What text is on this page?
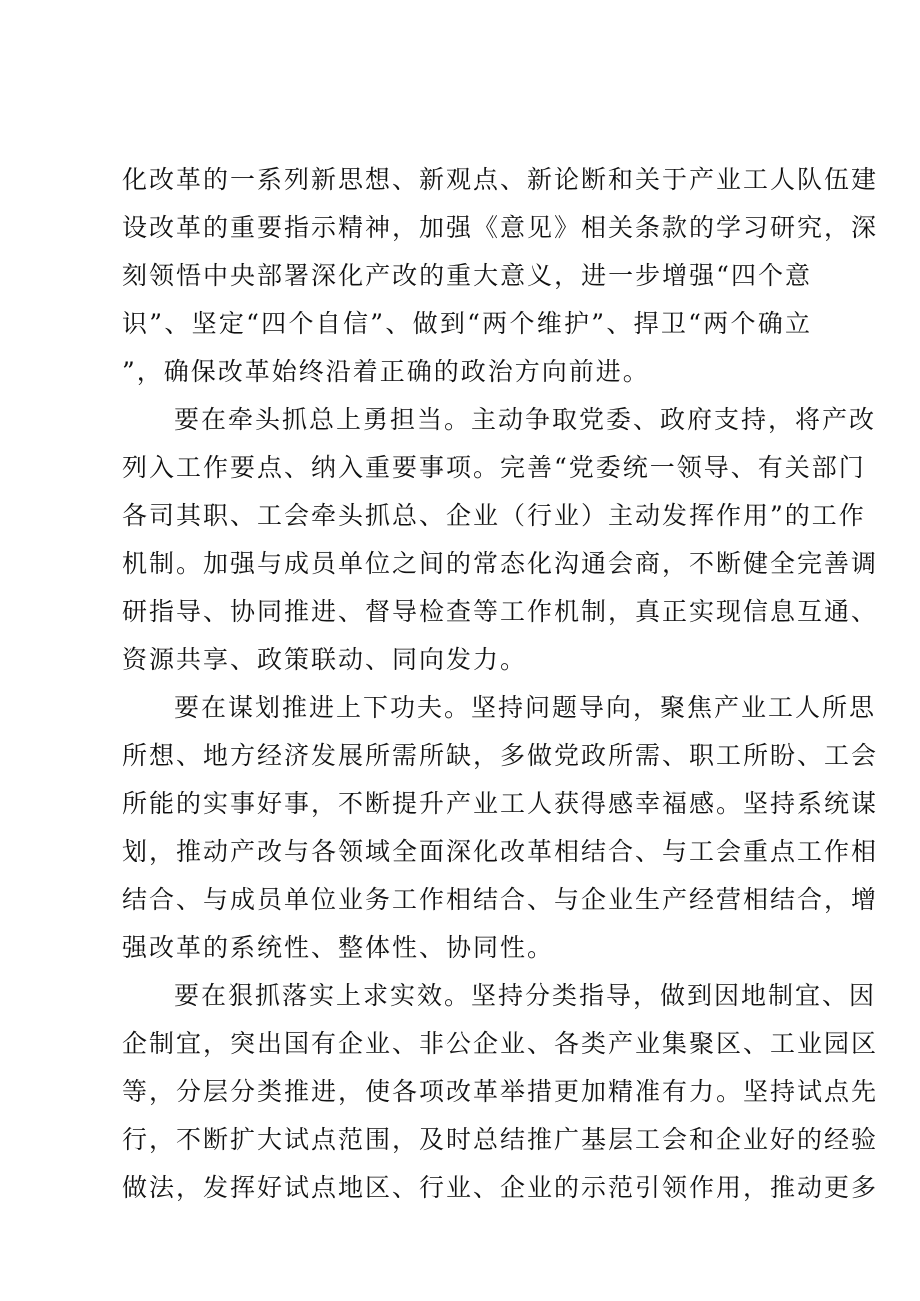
化改革的一系列新思想、新观点、新论断和关于产业工人队伍建
设改革的重要指示精神，加强《意见》相关条款的学习研究，深
刻领悟中央部署深化产改的重大意义，进一步增强“四个意
识”、坚定“四个自信”、做到“两个维护”、捍卫“两个确立
”，确保改革始终沿着正确的政治方向前进。
要在牵头抓总上勇担当。主动争取党委、政府支持，将产改
列入工作要点、纳入重要事项。完善“党委统一领导、有关部门
各司其职、工会牵头抓总、企业（行业）主动发挥作用”的工作
机制。加强与成员单位之间的常态化沟通会商，不断健全完善调
研指导、协同推进、督导检查等工作机制，真正实现信息互通、
资源共享、政策联动、同向发力。
要在谋划推进上下功夫。坚持问题导向，聚焦产业工人所思
所想、地方经济发展所需所缺，多做党政所需、职工所盼、工会
所能的实事好事，不断提升产业工人获得感幸福感。坚持系统谋
划，推动产改与各领域全面深化改革相结合、与工会重点工作相
结合、与成员单位业务工作相结合、与企业生产经营相结合，增
强改革的系统性、整体性、协同性。
要在狠抓落实上求实效。坚持分类指导，做到因地制宜、因
企制宜，突出国有企业、非公企业、各类产业集聚区、工业园区
等，分层分类推进，使各项改革举措更加精准有力。坚持试点先
行，不断扩大试点范围，及时总结推广基层工会和企业好的经验
做法，发挥好试点地区、行业、企业的示范引领作用，推动更多
